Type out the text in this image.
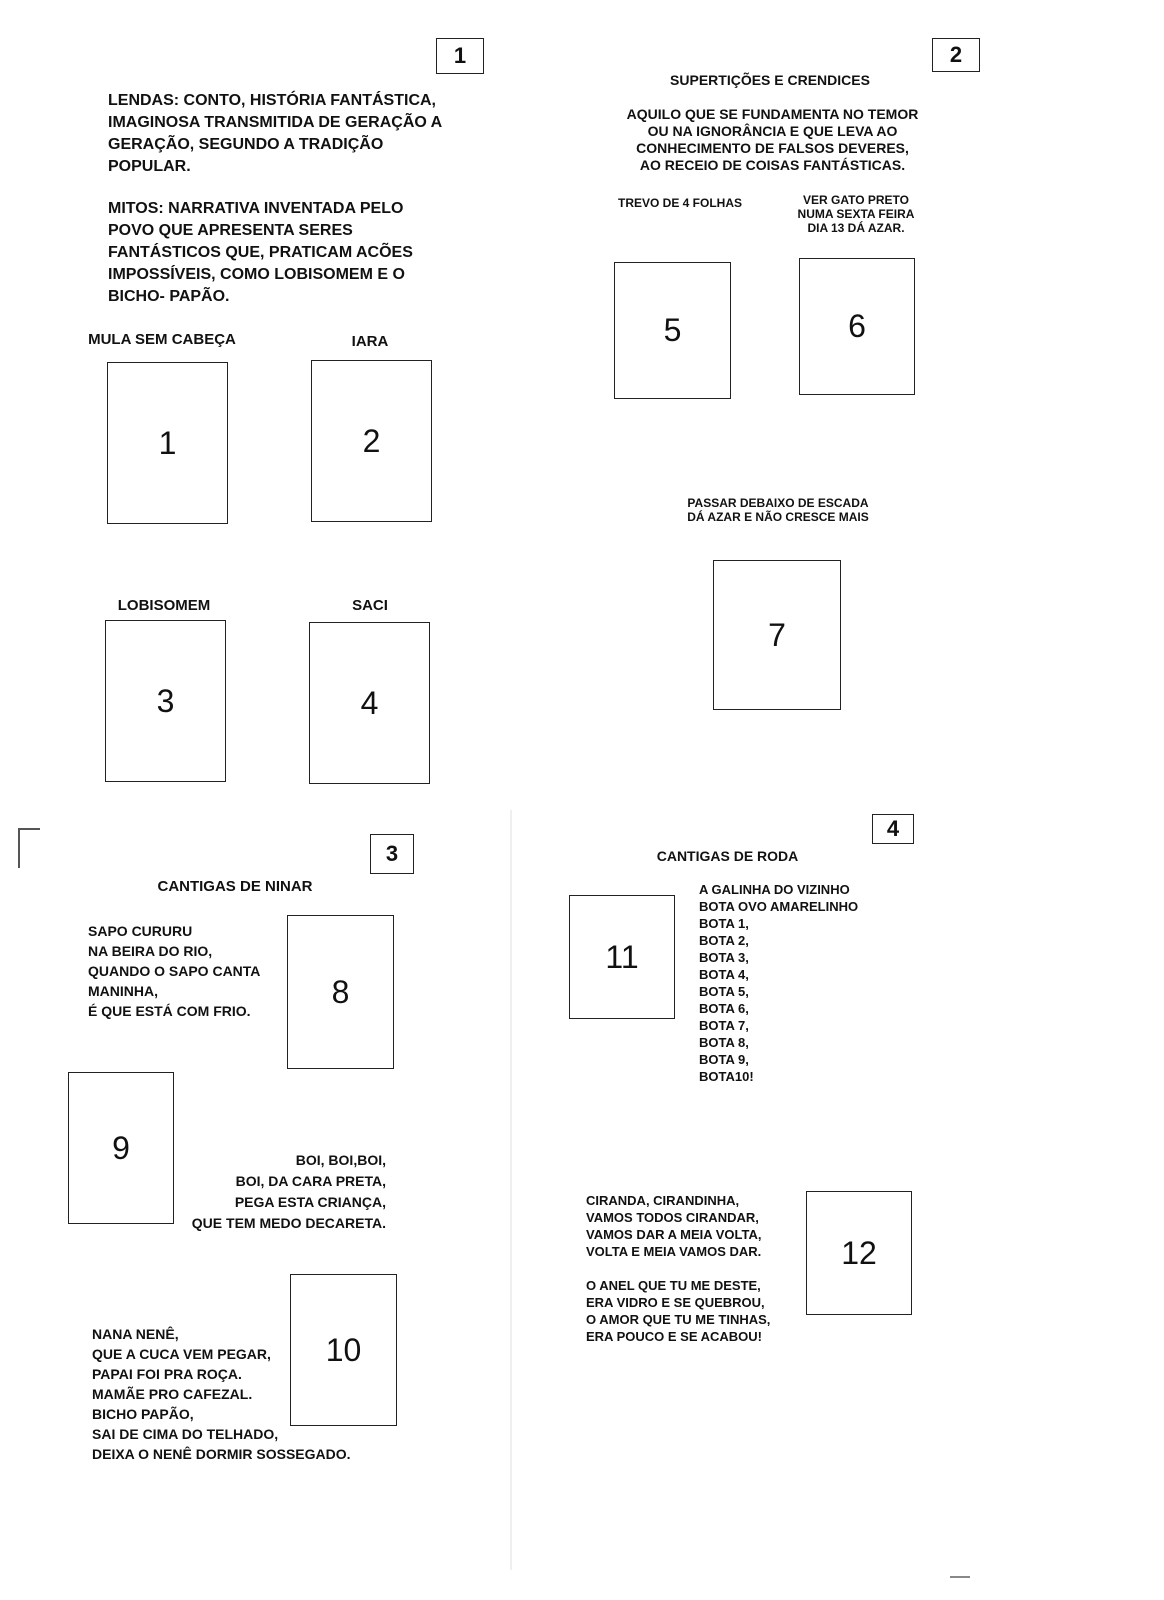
1
LENDAS: CONTO, HISTÓRIA FANTÁSTICA,
IMAGINOSA TRANSMITIDA DE GERAÇÃO A
GERAÇÃO, SEGUNDO A TRADIÇÃO
POPULAR.
MITOS: NARRATIVA INVENTADA PELO
POVO QUE APRESENTA SERES
FANTÁSTICOS QUE, PRATICAM ACÕES
IMPOSSÍVEIS, COMO LOBISOMEM E O
BICHO- PAPÃO.
MULA SEM CABEÇA
1
IARA
2
LOBISOMEM
3
SACI
4
2
SUPERTIÇÕES E CRENDICES
AQUILO QUE SE FUNDAMENTA NO TEMOR
OU NA IGNORÂNCIA E QUE LEVA AO
CONHECIMENTO DE FALSOS DEVERES,
AO RECEIO DE COISAS FANTÁSTICAS.
TREVO DE 4 FOLHAS
5
VER GATO PRETO
NUMA SEXTA FEIRA
DIA 13 DÁ AZAR.
6
PASSAR DEBAIXO DE ESCADA
DÁ AZAR E NÃO CRESCE MAIS
7
3
CANTIGAS DE NINAR
SAPO CURURU
NA BEIRA DO RIO,
QUANDO O SAPO CANTA
MANINHA,
É QUE ESTÁ COM FRIO.
8
9	BOI, BOI,BOI,
BOI, DA CARA PRETA,
PEGA ESTA CRIANÇA,
QUE TEM MEDO DECARETA.
10
NANA NENÊ,
QUE A CUCA VEM PEGAR,
PAPAI FOI PRA ROÇA.
MAMÃE PRO CAFEZAL.
BICHO PAPÃO,
SAI DE CIMA DO TELHADO,
DEIXA O NENÊ DORMIR SOSSEGADO.
4
CANTIGAS DE RODA
11
A GALINHA DO VIZINHO
BOTA OVO AMARELINHO
BOTA 1,
BOTA 2,
BOTA 3,
BOTA 4,
BOTA 5,
BOTA 6,
BOTA 7,
BOTA 8,
BOTA 9,
BOTA10!
CIRANDA, CIRANDINHA,
VAMOS TODOS CIRANDAR,
VAMOS DAR A MEIA VOLTA,
VOLTA E MEIA VAMOS DAR.

O ANEL QUE TU ME DESTE,
ERA VIDRO E SE QUEBROU,
O AMOR QUE TU ME TINHAS,
ERA POUCO E SE ACABOU!
12
